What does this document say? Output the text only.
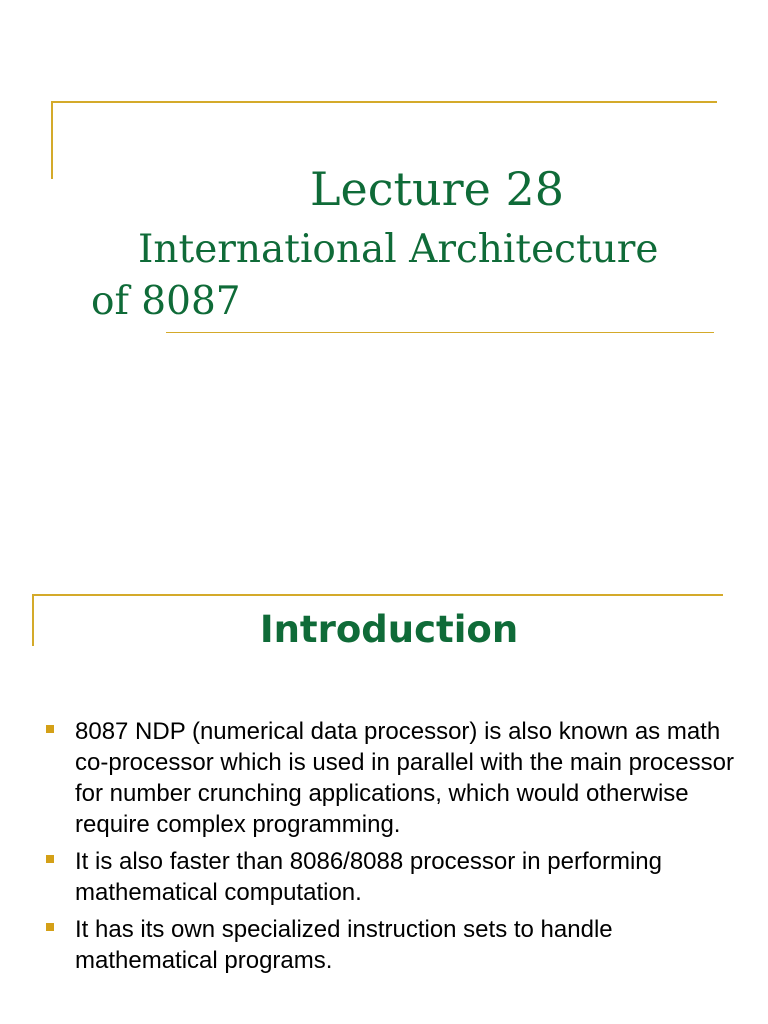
Lecture 28
International Architecture
of 8087
Introduction
8087 NDP (numerical data processor) is also known as math co-processor which is used in parallel with the main processor for number crunching applications, which would otherwise require complex programming.
It is also faster than 8086/8088 processor in performing mathematical computation.
It has its own specialized instruction sets to handle mathematical programs.
